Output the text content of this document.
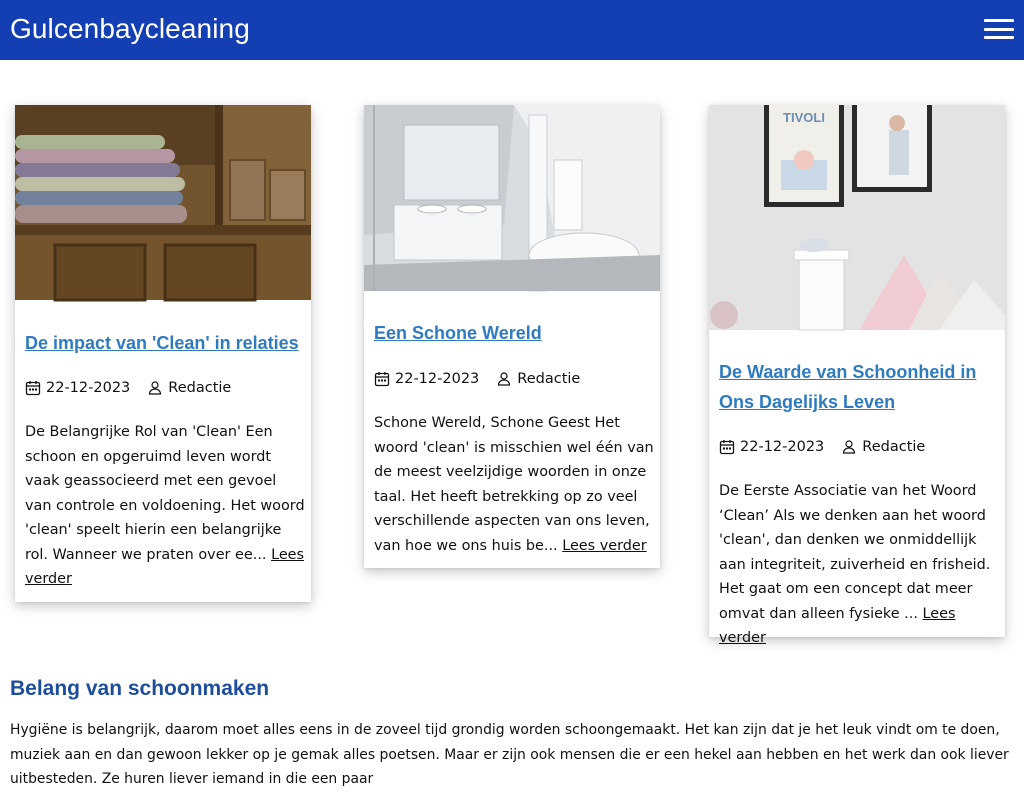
Gulcenbaycleaning
De impact van 'Clean' in relaties
22-12-2023	Redactie
De Belangrijke Rol van 'Clean' Een schoon en opgeruimd leven wordt vaak geassocieerd met een gevoel van controle en voldoening. Het woord 'clean' speelt hierin een belangrijke rol. Wanneer we praten over ee... Lees verder
Een Schone Wereld
22-12-2023	Redactie
Schone Wereld, Schone Geest Het woord 'clean' is misschien wel één van de meest veelzijdige woorden in onze taal. Het heeft betrekking op zo veel verschillende aspecten van ons leven, van hoe we ons huis be... Lees verder
TIVOLI
De Waarde van Schoonheid in Ons Dagelijks Leven
22-12-2023	Redactie
De Eerste Associatie van het Woord ‘Clean’ Als we denken aan het woord 'clean', dan denken we onmiddellijk aan integriteit, zuiverheid en frisheid. Het gaat om een concept dat meer omvat dan alleen fysieke ... Lees verder
Belang van schoonmaken

Hygiëne is belangrijk, daarom moet alles eens in de zoveel tijd grondig worden schoongemaakt. Het kan zijn dat je het leuk vindt om te doen, muziek aan en dan gewoon lekker op je gemak alles poetsen. Maar er zijn ook mensen die er een hekel aan hebben en het werk dan ook liever uitbesteden. Ze huren liever iemand in die een paar
